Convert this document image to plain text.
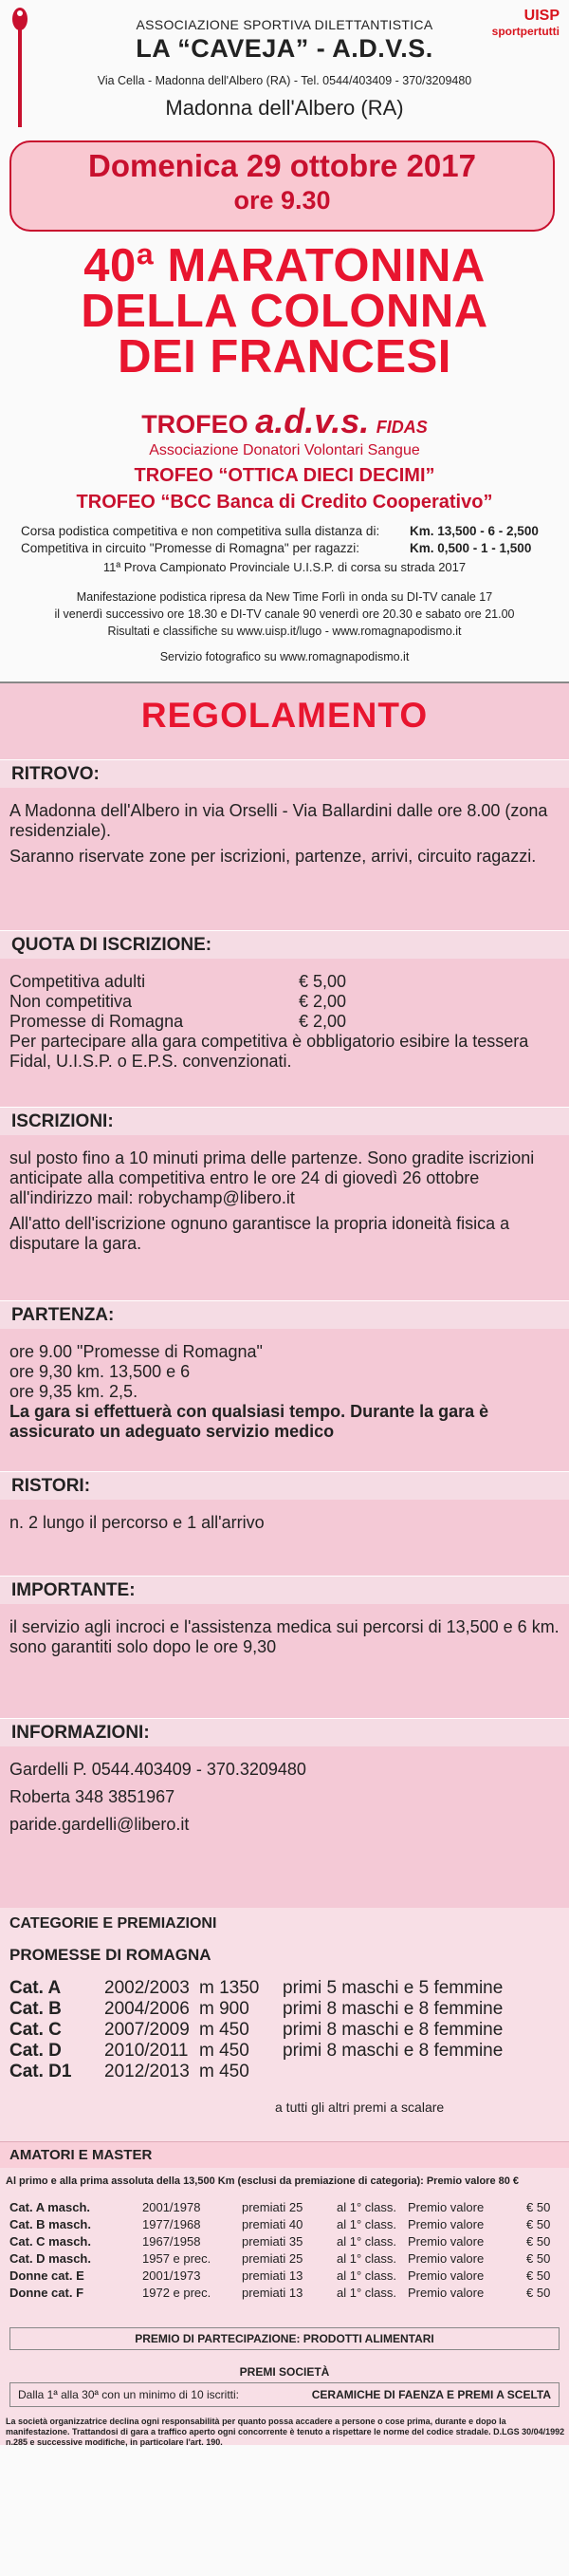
ASSOCIAZIONE SPORTIVA DILETTANTISTICA
LA “CAVEJA” - A.D.V.S.
Via Cella - Madonna dell'Albero (RA) - Tel. 0544/403409 - 370/3209480
Madonna dell'Albero (RA)
UISP
sportpertutti
Domenica 29 ottobre 2017
ore 9.30
40ª MARATONINA
DELLA COLONNA
DEI FRANCESI
TROFEO a.d.v.s. FIDAS
Associazione Donatori Volontari Sangue
TROFEO “OTTICA DIECI DECIMI”
TROFEO “BCC Banca di Credito Cooperativo”
Corsa podistica competitiva e non competitiva sulla distanza di: Km. 13,500 - 6 - 2,500
Competitiva in circuito "Promesse di Romagna" per ragazzi:	Km. 0,500 - 1 - 1,500
11ª Prova Campionato Provinciale U.I.S.P. di corsa su strada 2017
Manifestazione podistica ripresa da New Time Forlì in onda su DI-TV canale 17
il venerdì successivo ore 18.30 e DI-TV canale 90 venerdì ore 20.30 e sabato ore 21.00
Risultati e classifiche su www.uisp.it/lugo - www.romagnapodismo.it
Servizio fotografico su www.romagnapodismo.it
REGOLAMENTO
RITROVO:

A Madonna dell'Albero in via Orselli - Via Ballardini dalle ore 8.00 (zona residenziale).

Saranno riservate zone per iscrizioni, partenze, arrivi, circuito ragazzi.

QUOTA DI ISCRIZIONE:
Competitiva adulti	€ 5,00
Non competitiva	€ 2,00
Promesse di Romagna	€ 2,00

Per partecipare alla gara competitiva è obbligatorio esibire la tessera Fidal, U.I.S.P. o E.P.S. convenzionati.

ISCRIZIONI:

sul posto fino a 10 minuti prima delle partenze. Sono gradite iscrizioni anticipate alla competitiva entro le ore 24 di giovedì 26 ottobre all'indirizzo mail: robychamp@libero.it

All'atto dell'iscrizione ognuno garantisce la propria idoneità fisica a disputare la gara.

PARTENZA:
ore 9.00 "Promesse di Romagna"
ore 9,30 km. 13,500 e 6
ore 9,35 km. 2,5.

La gara si effettuerà con qualsiasi tempo. Durante la gara è assicurato un adeguato servizio medico

RISTORI:

n. 2 lungo il percorso e 1 all'arrivo

IMPORTANTE:

il servizio agli incroci e l'assistenza medica sui percorsi di 13,500 e 6 km. sono garantiti solo dopo le ore 9,30

INFORMAZIONI:
Gardelli P. 0544.403409 - 370.3209480
Roberta 348 3851967
paride.gardelli@libero.it
CATEGORIE E PREMIAZIONI
PROMESSE DI ROMAGNA
Cat. A 2002/2003 m 1350 primi 5 maschi e 5 femmine
Cat. B 2004/2006 m 900 primi 8 maschi e 8 femmine
Cat. C 2007/2009 m 450 primi 8 maschi e 8 femmine
Cat. D 2010/2011 m 450 primi 8 maschi e 8 femmine
Cat. D1 2012/2013 m 450
a tutti gli altri premi a scalare
AMATORI E MASTER
Al primo e alla prima assoluta della 13,500 Km (esclusi da premiazione di categoria): Premio valore 80 €
Cat. A masch.	2001/1978	premiati 25	al 1° class. Premio valore	€ 50
Cat. B masch.	1977/1968	premiati 40	al 1° class. Premio valore	€ 50
Cat. C masch.	1967/1958	premiati 35	al 1° class. Premio valore	€ 50
Cat. D masch.	1957 e prec.	premiati 25	al 1° class. Premio valore	€ 50
Donne cat. E	2001/1973	premiati 13	al 1° class. Premio valore	€ 50
Donne cat. F	1972 e prec.	premiati 13	al 1° class. Premio valore	€ 50
PREMIO DI PARTECIPAZIONE: PRODOTTI ALIMENTARI
PREMI SOCIETÀ
Dalla 1ª alla 30ª con un minimo di 10 iscritti:	CERAMICHE DI FAENZA E PREMI A SCELTA
La società organizzatrice declina ogni responsabilità per quanto possa accadere a persone o cose prima, durante e dopo la manifestazione. Trattandosi di gara a traffico aperto ogni concorrente è tenuto a rispettare le norme del codice stradale. D.LGS 30/04/1992 n.285 e successive modifiche, in particolare l'art. 190.
